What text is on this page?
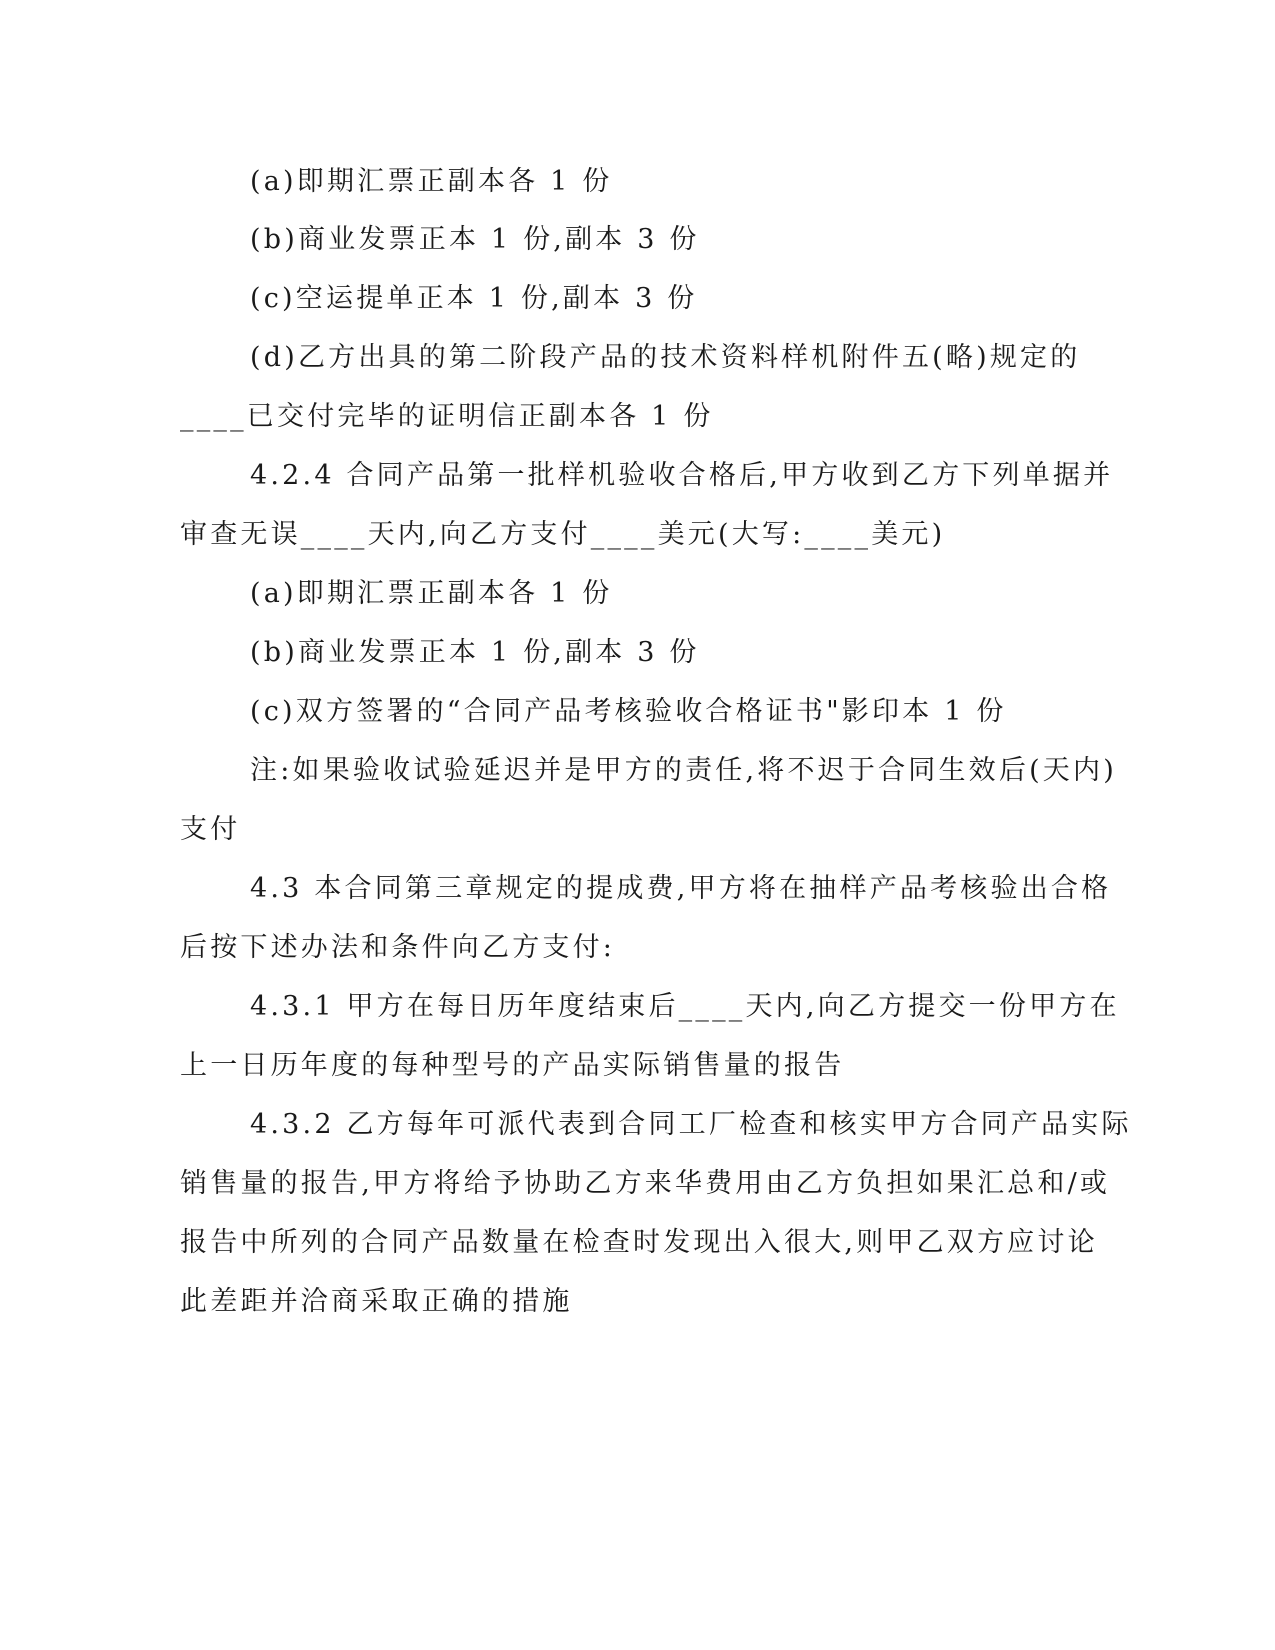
(a)即期汇票正副本各 1 份
(b)商业发票正本 1 份,副本 3 份
(c)空运提单正本 1 份,副本 3 份
(d)乙方出具的第二阶段产品的技术资料样机附件五(略)规定的
____已交付完毕的证明信正副本各 1 份
4.2.4 合同产品第一批样机验收合格后,甲方收到乙方下列单据并
审查无误____天内,向乙方支付____美元(大写:____美元)
(a)即期汇票正副本各 1 份
(b)商业发票正本 1 份,副本 3 份
(c)双方签署的“合同产品考核验收合格证书"影印本 1 份
注:如果验收试验延迟并是甲方的责任,将不迟于合同生效后(天内)
支付
4.3 本合同第三章规定的提成费,甲方将在抽样产品考核验出合格
后按下述办法和条件向乙方支付:
4.3.1 甲方在每日历年度结束后____天内,向乙方提交一份甲方在
上一日历年度的每种型号的产品实际销售量的报告
4.3.2 乙方每年可派代表到合同工厂检查和核实甲方合同产品实际
销售量的报告,甲方将给予协助乙方来华费用由乙方负担如果汇总和/或
报告中所列的合同产品数量在检查时发现出入很大,则甲乙双方应讨论
此差距并洽商采取正确的措施
